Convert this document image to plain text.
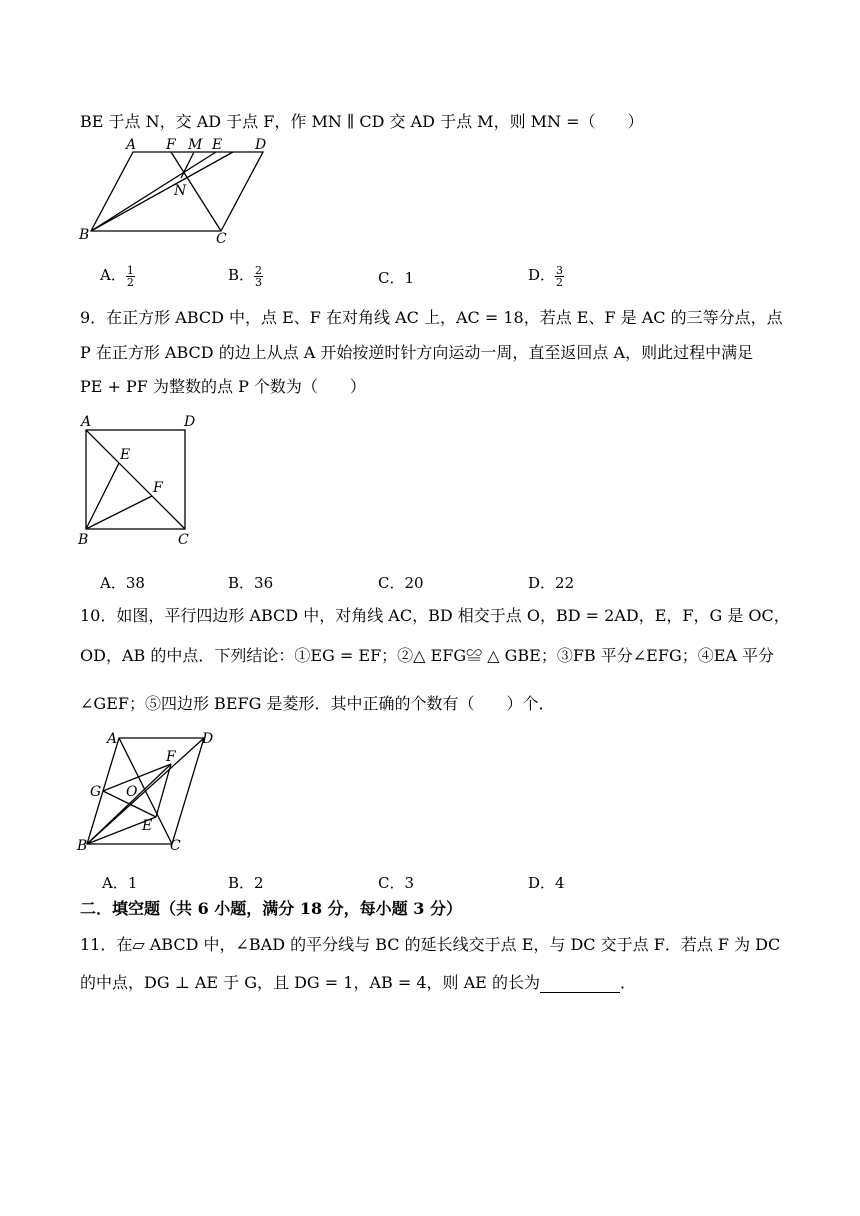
BE 于点 N，交 AD 于点 F，作 MN ∥ CD 交 AD 于点 M，则 MN =（　　）
A F M E D
N
B	C
A． $\frac{1}{2}$	B． $\frac{2}{3}$	C．1	D． $\frac{3}{2}$
9．在正方形 ABCD 中，点 E、F 在对角线 AC 上，AC = 18，若点 E、F 是 AC 的三等分点，点
P 在正方形 ABCD 的边上从点 A 开始按逆时针方向运动一周，直至返回点 A，则此过程中满足
PE + PF 为整数的点 P 个数为（　　）
A	D
E
F
B	C
A．38	B．36	C．20	D．22
10．如图，平行四边形 ABCD 中，对角线 AC，BD 相交于点 O，BD = 2AD，E，F，G 是 OC，
OD，AB 的中点．下列结论：①EG = EF；②△ EFG≌ △ GBE；③FB 平分∠EFG；④EA 平分
∠GEF；⑤四边形 BEFG 是菱形．其中正确的个数有（　　）个．
A	D
F
G O
E
B	C
A．1	B．2	C．3	D．4
二．填空题（共 6 小题，满分 18 分，每小题 3 分）
11．在▱ ABCD 中，∠BAD 的平分线与 BC 的延长线交于点 E，与 DC 交于点 F．若点 F 为 DC
的中点，DG ⊥ AE 于 G，且 DG = 1，AB = 4，则 AE 的长为	．
